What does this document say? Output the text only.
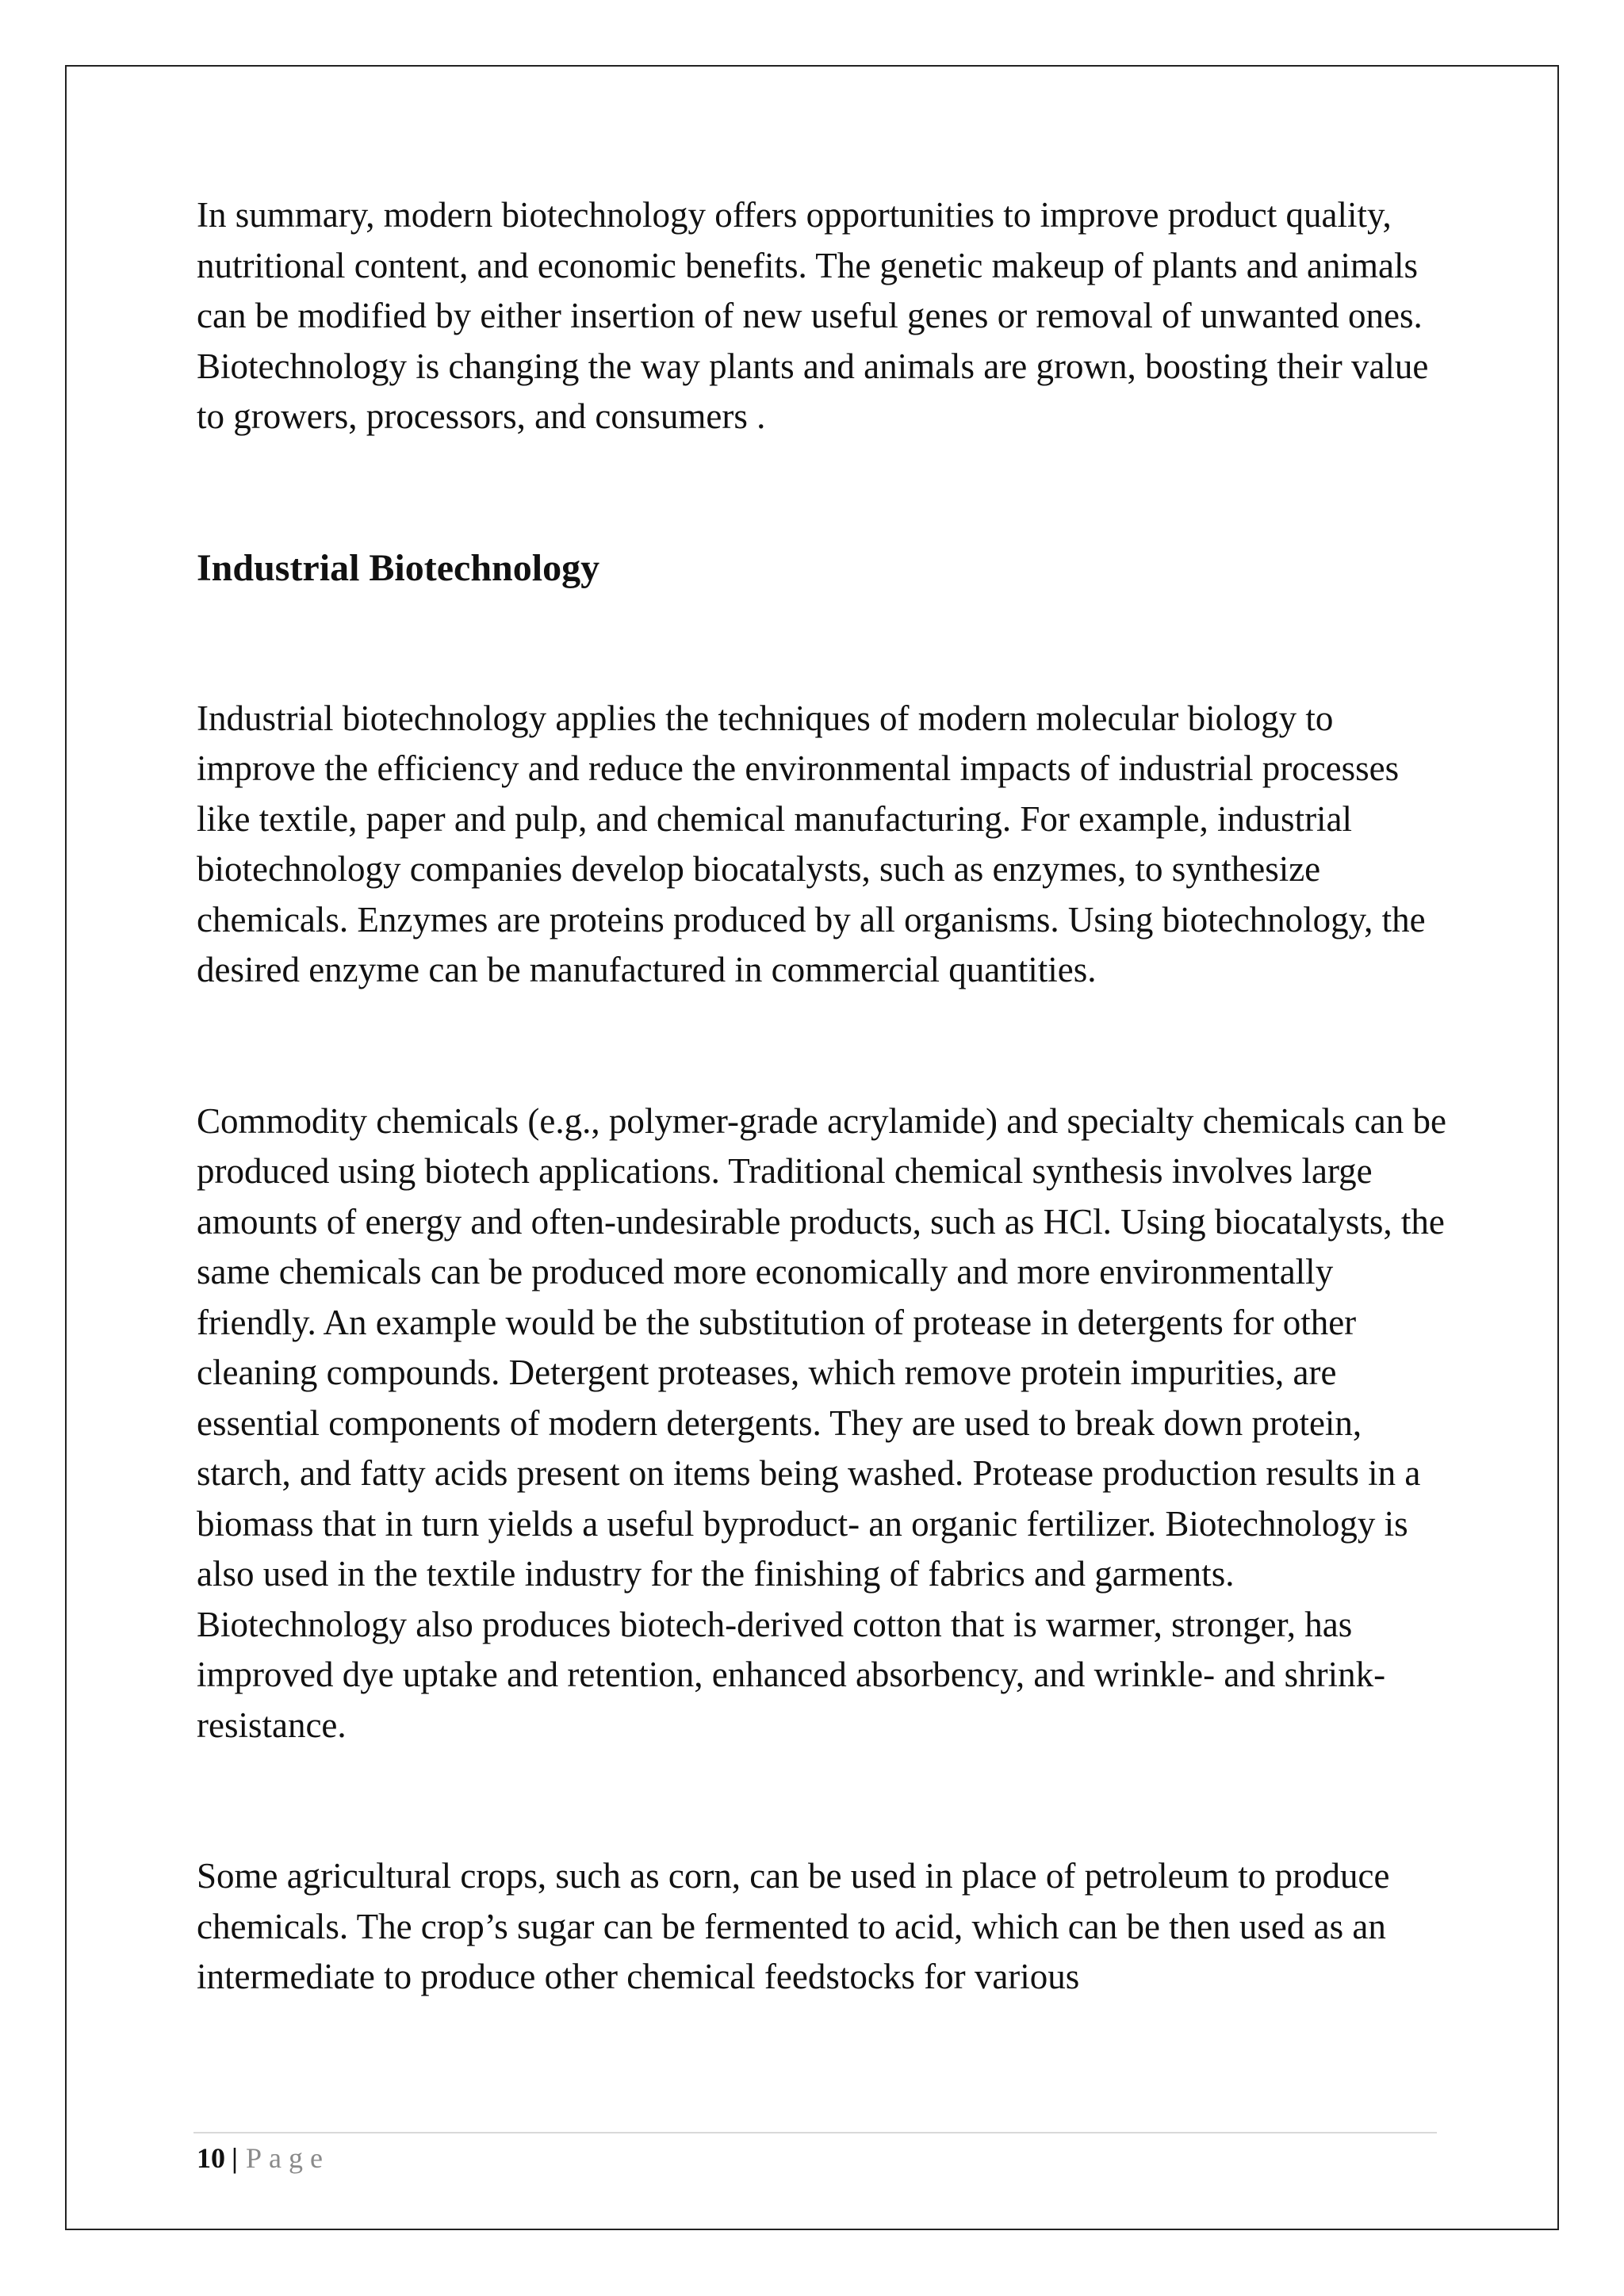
In summary, modern biotechnology offers opportunities to improve product quality, nutritional content, and economic benefits. The genetic makeup of plants and animals can be modified by either insertion of new useful genes or removal of unwanted ones. Biotechnology is changing the way plants and animals are grown, boosting their value to growers, processors, and consumers .

Industrial Biotechnology

Industrial biotechnology applies the techniques of modern molecular biology to improve the efficiency and reduce the environmental impacts of industrial processes like textile, paper and pulp, and chemical manufacturing. For example, industrial biotechnology companies develop biocatalysts, such as enzymes, to synthesize chemicals. Enzymes are proteins produced by all organisms. Using biotechnology, the desired enzyme can be manufactured in commercial quantities.

Commodity chemicals (e.g., polymer-grade acrylamide) and specialty chemicals can be produced using biotech applications. Traditional chemical synthesis involves large amounts of energy and often-undesirable products, such as HCl. Using biocatalysts, the same chemicals can be produced more economically and more environmentally friendly. An example would be the substitution of protease in detergents for other cleaning compounds. Detergent proteases, which remove protein impurities, are essential components of modern detergents. They are used to break down protein, starch, and fatty acids present on items being washed. Protease production results in a biomass that in turn yields a useful byproduct- an organic fertilizer. Biotechnology is also used in the textile industry for the finishing of fabrics and garments. Biotechnology also produces biotech-derived cotton that is warmer, stronger, has improved dye uptake and retention, enhanced absorbency, and wrinkle- and shrink-resistance.

Some agricultural crops, such as corn, can be used in place of petroleum to produce chemicals. The crop’s sugar can be fermented to acid, which can be then used as an intermediate to produce other chemical feedstocks for various

10 | Page
